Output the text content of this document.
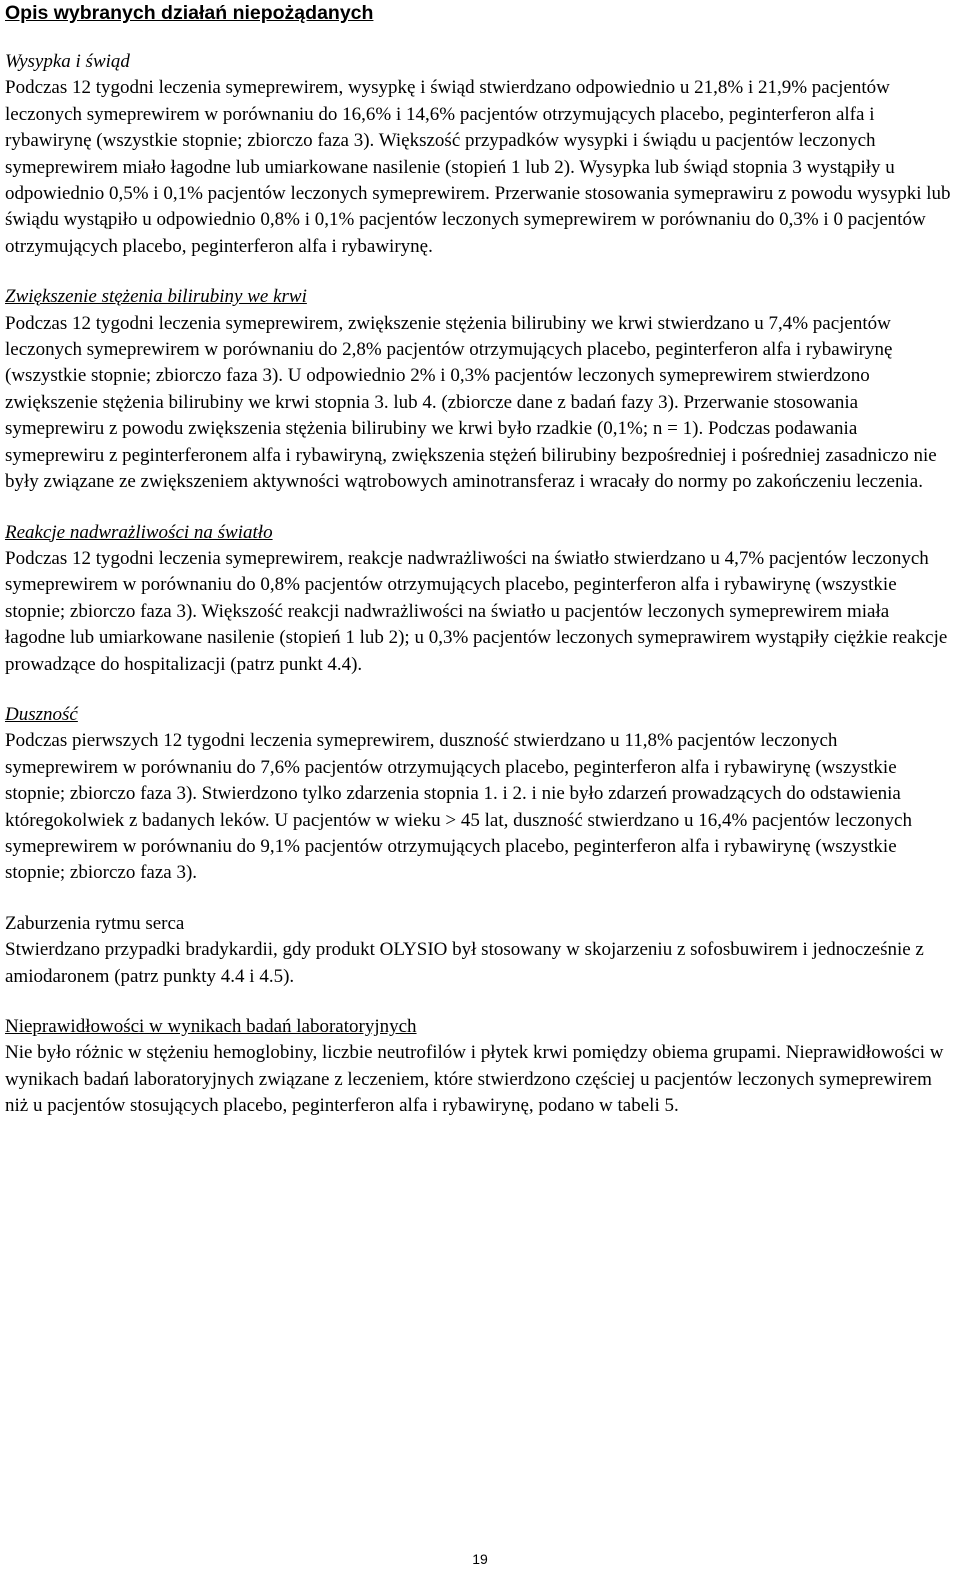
Opis wybranych działań niepożądanych

Wysypka i świąd

Podczas 12 tygodni leczenia symeprewirem, wysypkę i świąd stwierdzano odpowiednio u 21,8% i 21,9% pacjentów leczonych symeprewirem w porównaniu do 16,6% i 14,6% pacjentów otrzymujących placebo, peginterferon alfa i rybawirynę (wszystkie stopnie; zbiorczo faza 3). Większość przypadków wysypki i świądu u pacjentów leczonych symeprewirem miało łagodne lub umiarkowane nasilenie (stopień 1 lub 2). Wysypka lub świąd stopnia 3 wystąpiły u odpowiednio 0,5% i 0,1% pacjentów leczonych symeprewirem. Przerwanie stosowania symeprawiru z powodu wysypki lub świądu wystąpiło u odpowiednio 0,8% i 0,1% pacjentów leczonych symeprewirem w porównaniu do 0,3% i 0 pacjentów otrzymujących placebo, peginterferon alfa i rybawirynę.

Zwiększenie stężenia bilirubiny we krwi

Podczas 12 tygodni leczenia symeprewirem, zwiększenie stężenia bilirubiny we krwi stwierdzano u 7,4% pacjentów leczonych symeprewirem w porównaniu do 2,8% pacjentów otrzymujących placebo, peginterferon alfa i rybawirynę (wszystkie stopnie; zbiorczo faza 3). U odpowiednio 2% i 0,3% pacjentów leczonych symeprewirem stwierdzono zwiększenie stężenia bilirubiny we krwi stopnia 3. lub 4. (zbiorcze dane z badań fazy 3). Przerwanie stosowania symeprewiru z powodu zwiększenia stężenia bilirubiny we krwi było rzadkie (0,1%; n = 1). Podczas podawania symeprewiru z peginterferonem alfa i rybawiryną, zwiększenia stężeń bilirubiny bezpośredniej i pośredniej zasadniczo nie były związane ze zwiększeniem aktywności wątrobowych aminotransferaz i wracały do normy po zakończeniu leczenia.

Reakcje nadwrażliwości na światło

Podczas 12 tygodni leczenia symeprewirem, reakcje nadwrażliwości na światło stwierdzano u 4,7% pacjentów leczonych symeprewirem w porównaniu do 0,8% pacjentów otrzymujących placebo, peginterferon alfa i rybawirynę (wszystkie stopnie; zbiorczo faza 3). Większość reakcji nadwrażliwości na światło u pacjentów leczonych symeprewirem miała łagodne lub umiarkowane nasilenie (stopień 1 lub 2); u 0,3% pacjentów leczonych symeprawirem wystąpiły ciężkie reakcje prowadzące do hospitalizacji (patrz punkt 4.4).

Duszność

Podczas pierwszych 12 tygodni leczenia symeprewirem, duszność stwierdzano u 11,8% pacjentów leczonych symeprewirem w porównaniu do 7,6% pacjentów otrzymujących placebo, peginterferon alfa i rybawirynę (wszystkie stopnie; zbiorczo faza 3). Stwierdzono tylko zdarzenia stopnia 1. i 2. i nie było zdarzeń prowadzących do odstawienia któregokolwiek z badanych leków. U pacjentów w wieku > 45 lat, duszność stwierdzano u 16,4% pacjentów leczonych symeprewirem w porównaniu do 9,1% pacjentów otrzymujących placebo, peginterferon alfa i rybawirynę (wszystkie stopnie; zbiorczo faza 3).

Zaburzenia rytmu serca

Stwierdzano przypadki bradykardii, gdy produkt OLYSIO był stosowany w skojarzeniu z sofosbuwirem i jednocześnie z amiodaronem (patrz punkty 4.4 i 4.5).

Nieprawidłowości w wynikach badań laboratoryjnych

Nie było różnic w stężeniu hemoglobiny, liczbie neutrofilów i płytek krwi pomiędzy obiema grupami. Nieprawidłowości w wynikach badań laboratoryjnych związane z leczeniem, które stwierdzono częściej u pacjentów leczonych symeprewirem niż u pacjentów stosujących placebo, peginterferon alfa i rybawirynę, podano w tabeli 5.

19
